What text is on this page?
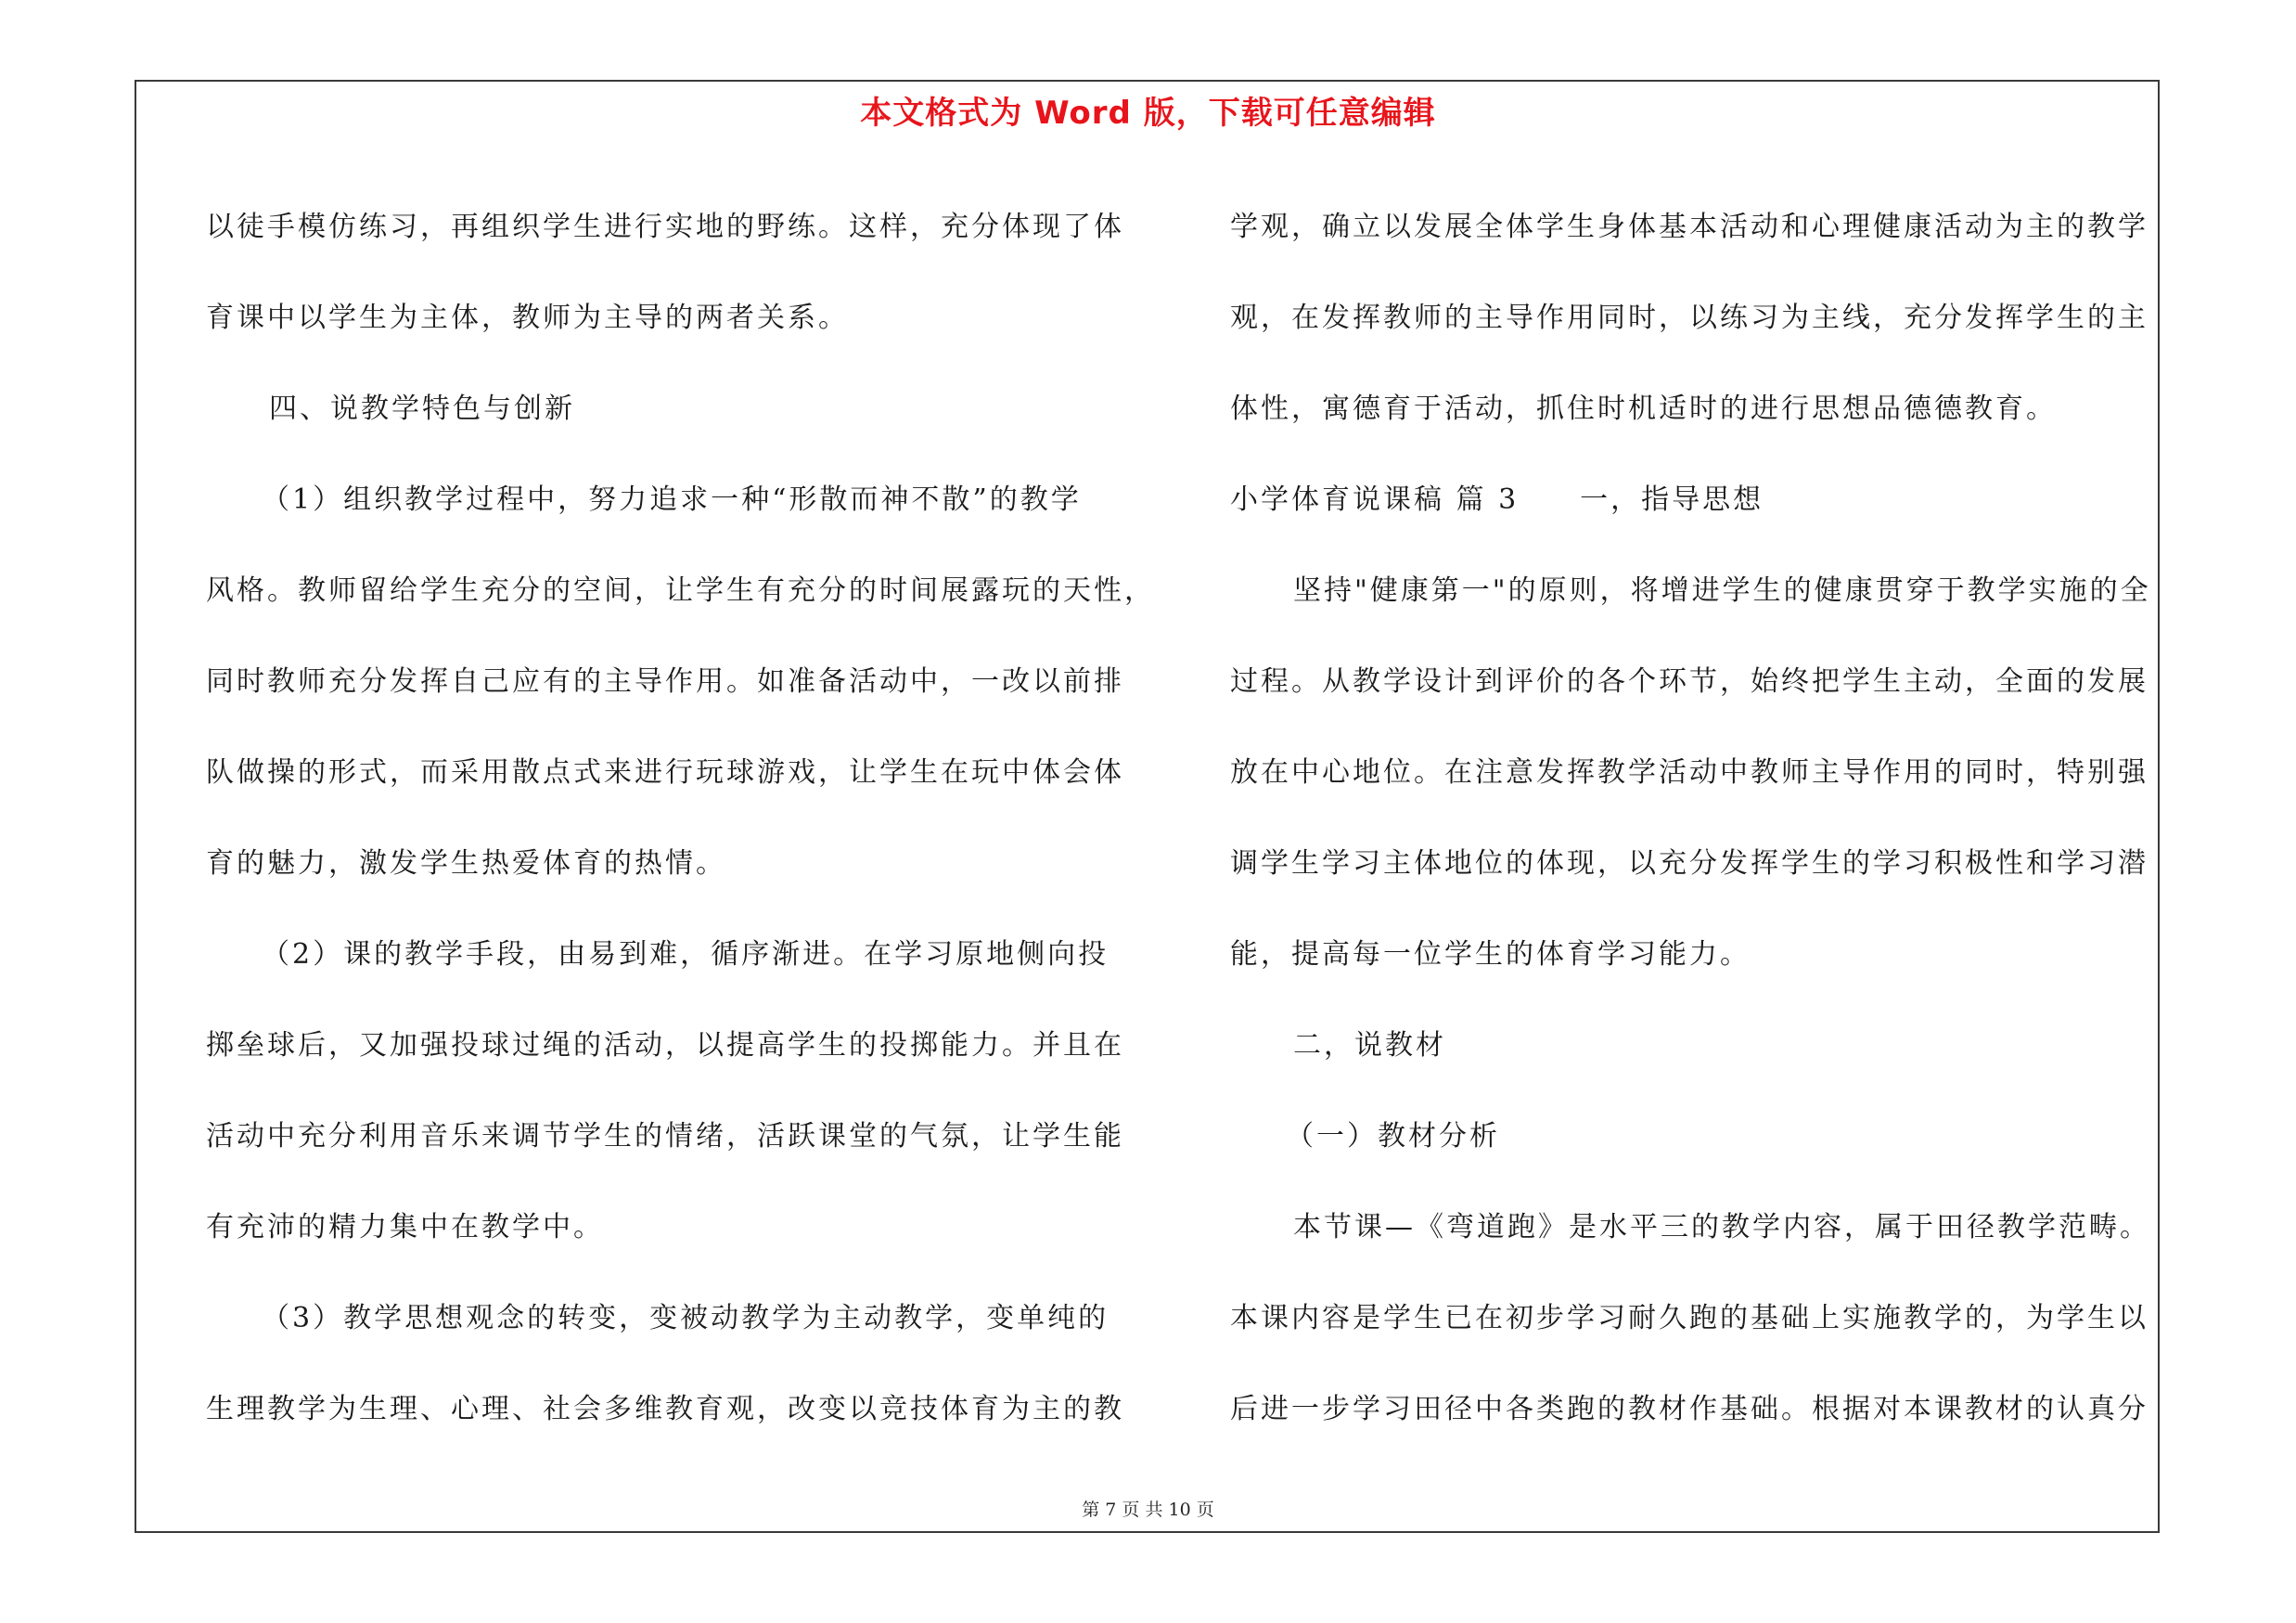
本文格式为 Word 版，下载可任意编辑
以徒手模仿练习，再组织学生进行实地的野练。这样，充分体现了体
育课中以学生为主体，教师为主导的两者关系。
四、说教学特色与创新
（1）组织教学过程中，努力追求一种“形散而神不散”的教学
风格。教师留给学生充分的空间，让学生有充分的时间展露玩的天性，
同时教师充分发挥自己应有的主导作用。如准备活动中，一改以前排
队做操的形式，而采用散点式来进行玩球游戏，让学生在玩中体会体
育的魅力，激发学生热爱体育的热情。
（2）课的教学手段，由易到难，循序渐进。在学习原地侧向投
掷垒球后，又加强投球过绳的活动，以提高学生的投掷能力。并且在
活动中充分利用音乐来调节学生的情绪，活跃课堂的气氛，让学生能
有充沛的精力集中在教学中。
（3）教学思想观念的转变，变被动教学为主动教学，变单纯的
生理教学为生理、心理、社会多维教育观，改变以竞技体育为主的教
学观，确立以发展全体学生身体基本活动和心理健康活动为主的教学
观，在发挥教师的主导作用同时，以练习为主线，充分发挥学生的主
体性，寓德育于活动，抓住时机适时的进行思想品德德教育。
小学体育说课稿 篇 3　　一，指导思想
坚持"健康第一"的原则，将增进学生的健康贯穿于教学实施的全
过程。从教学设计到评价的各个环节，始终把学生主动，全面的发展
放在中心地位。在注意发挥教学活动中教师主导作用的同时，特别强
调学生学习主体地位的体现，以充分发挥学生的学习积极性和学习潜
能，提高每一位学生的体育学习能力。
二，说教材
（一）教材分析
本节课—《弯道跑》是水平三的教学内容，属于田径教学范畴。
本课内容是学生已在初步学习耐久跑的基础上实施教学的，为学生以
后进一步学习田径中各类跑的教材作基础。根据对本课教材的认真分
第 7 页 共 10 页
